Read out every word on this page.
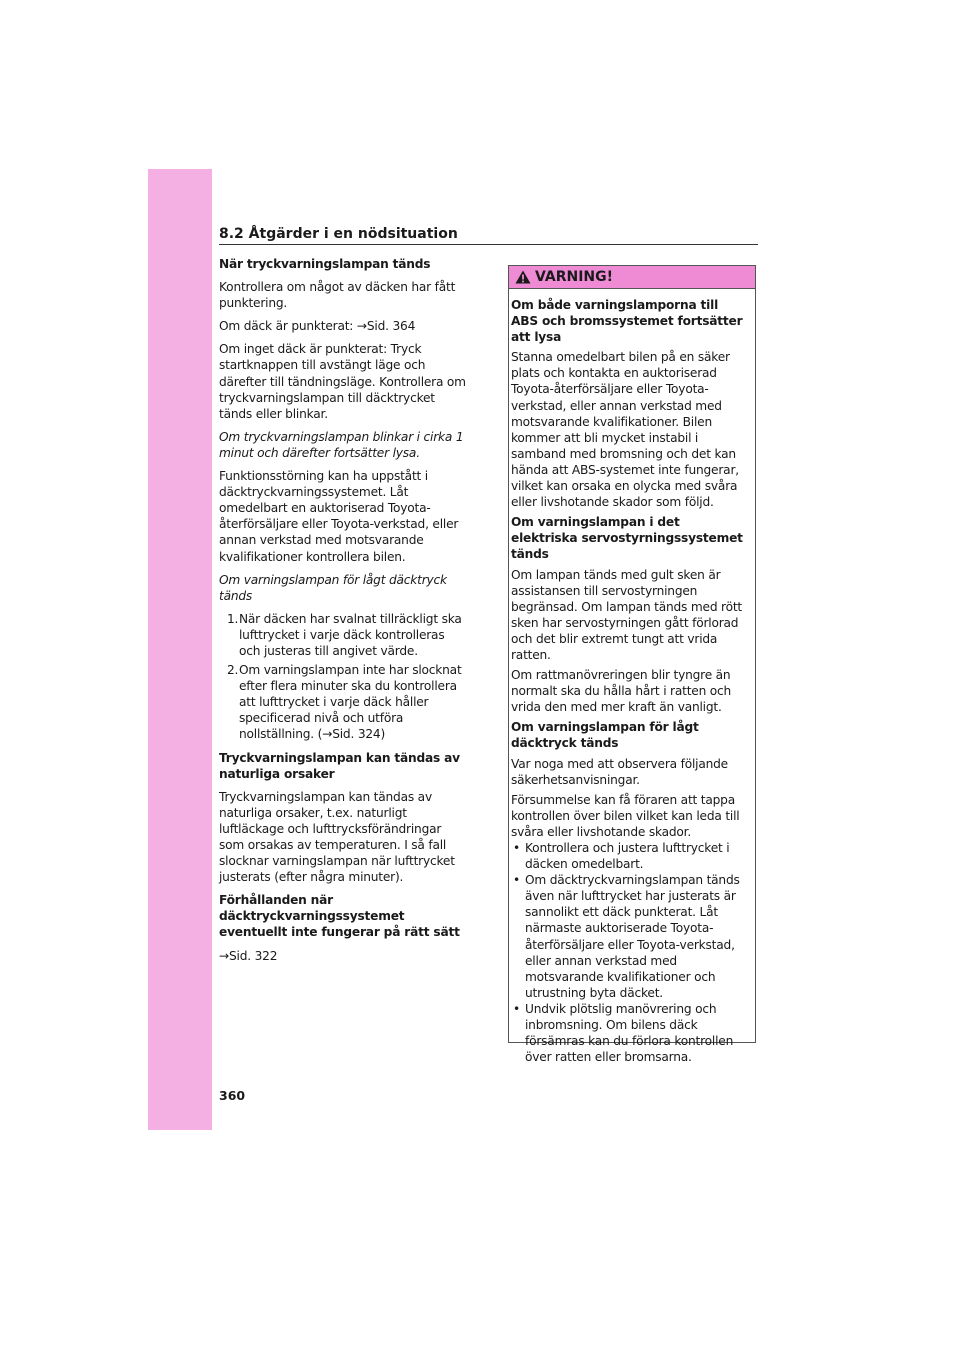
8.2 Åtgärder i en nödsituation

När tryckvarningslampan tänds

Kontrollera om något av däcken har fått punktering.

Om däck är punkterat: →Sid. 364

Om inget däck är punkterat: Tryck startknappen till avstängt läge och därefter till tändningsläge. Kontrollera om tryckvarningslampan till däcktrycket tänds eller blinkar.

Om tryckvarningslampan blinkar i cirka 1 minut och därefter fortsätter lysa.

Funktionsstörning kan ha uppstått i däcktryckvarningssystemet. Låt omedelbart en auktoriserad Toyota-återförsäljare eller Toyota-verkstad, eller annan verkstad med motsvarande kvalifikationer kontrollera bilen.

Om varningslampan för lågt däcktryck tänds

1. När däcken har svalnat tillräckligt ska lufttrycket i varje däck kontrolleras och justeras till angivet värde.
2. Om varningslampan inte har slocknat efter flera minuter ska du kontrollera att lufttrycket i varje däck håller specificerad nivå och utföra nollställning. (→Sid. 324)

Tryckvarningslampan kan tändas av naturliga orsaker

Tryckvarningslampan kan tändas av naturliga orsaker, t.ex. naturligt luftläckage och lufttrycksförändringar som orsakas av temperaturen. I så fall slocknar varningslampan när lufttrycket justerats (efter några minuter).

Förhållanden när däcktryckvarningssystemet eventuellt inte fungerar på rätt sätt

→Sid. 322

VARNING!

Om både varningslamporna till ABS och bromssystemet fortsätter att lysa

Stanna omedelbart bilen på en säker plats och kontakta en auktoriserad Toyota-återförsäljare eller Toyota-verkstad, eller annan verkstad med motsvarande kvalifikationer. Bilen kommer att bli mycket instabil i samband med bromsning och det kan hända att ABS-systemet inte fungerar, vilket kan orsaka en olycka med svåra eller livshotande skador som följd.

Om varningslampan i det elektriska servostyrningssystemet tänds

Om lampan tänds med gult sken är assistansen till servostyrningen begränsad. Om lampan tänds med rött sken har servostyrningen gått förlorad och det blir extremt tungt att vrida ratten.

Om rattmanövreringen blir tyngre än normalt ska du hålla hårt i ratten och vrida den med mer kraft än vanligt.

Om varningslampan för lågt däcktryck tänds

Var noga med att observera följande säkerhetsanvisningar.

Försummelse kan få föraren att tappa kontrollen över bilen vilket kan leda till svåra eller livshotande skador.

• Kontrollera och justera lufttrycket i däcken omedelbart.
• Om däcktryckvarningslampan tänds även när lufttrycket har justerats är sannolikt ett däck punkterat. Låt närmaste auktoriserade Toyota-återförsäljare eller Toyota-verkstad, eller annan verkstad med motsvarande kvalifikationer och utrustning byta däcket.
• Undvik plötslig manövrering och inbromsning. Om bilens däck försämras kan du förlora kontrollen över ratten eller bromsarna.
360
